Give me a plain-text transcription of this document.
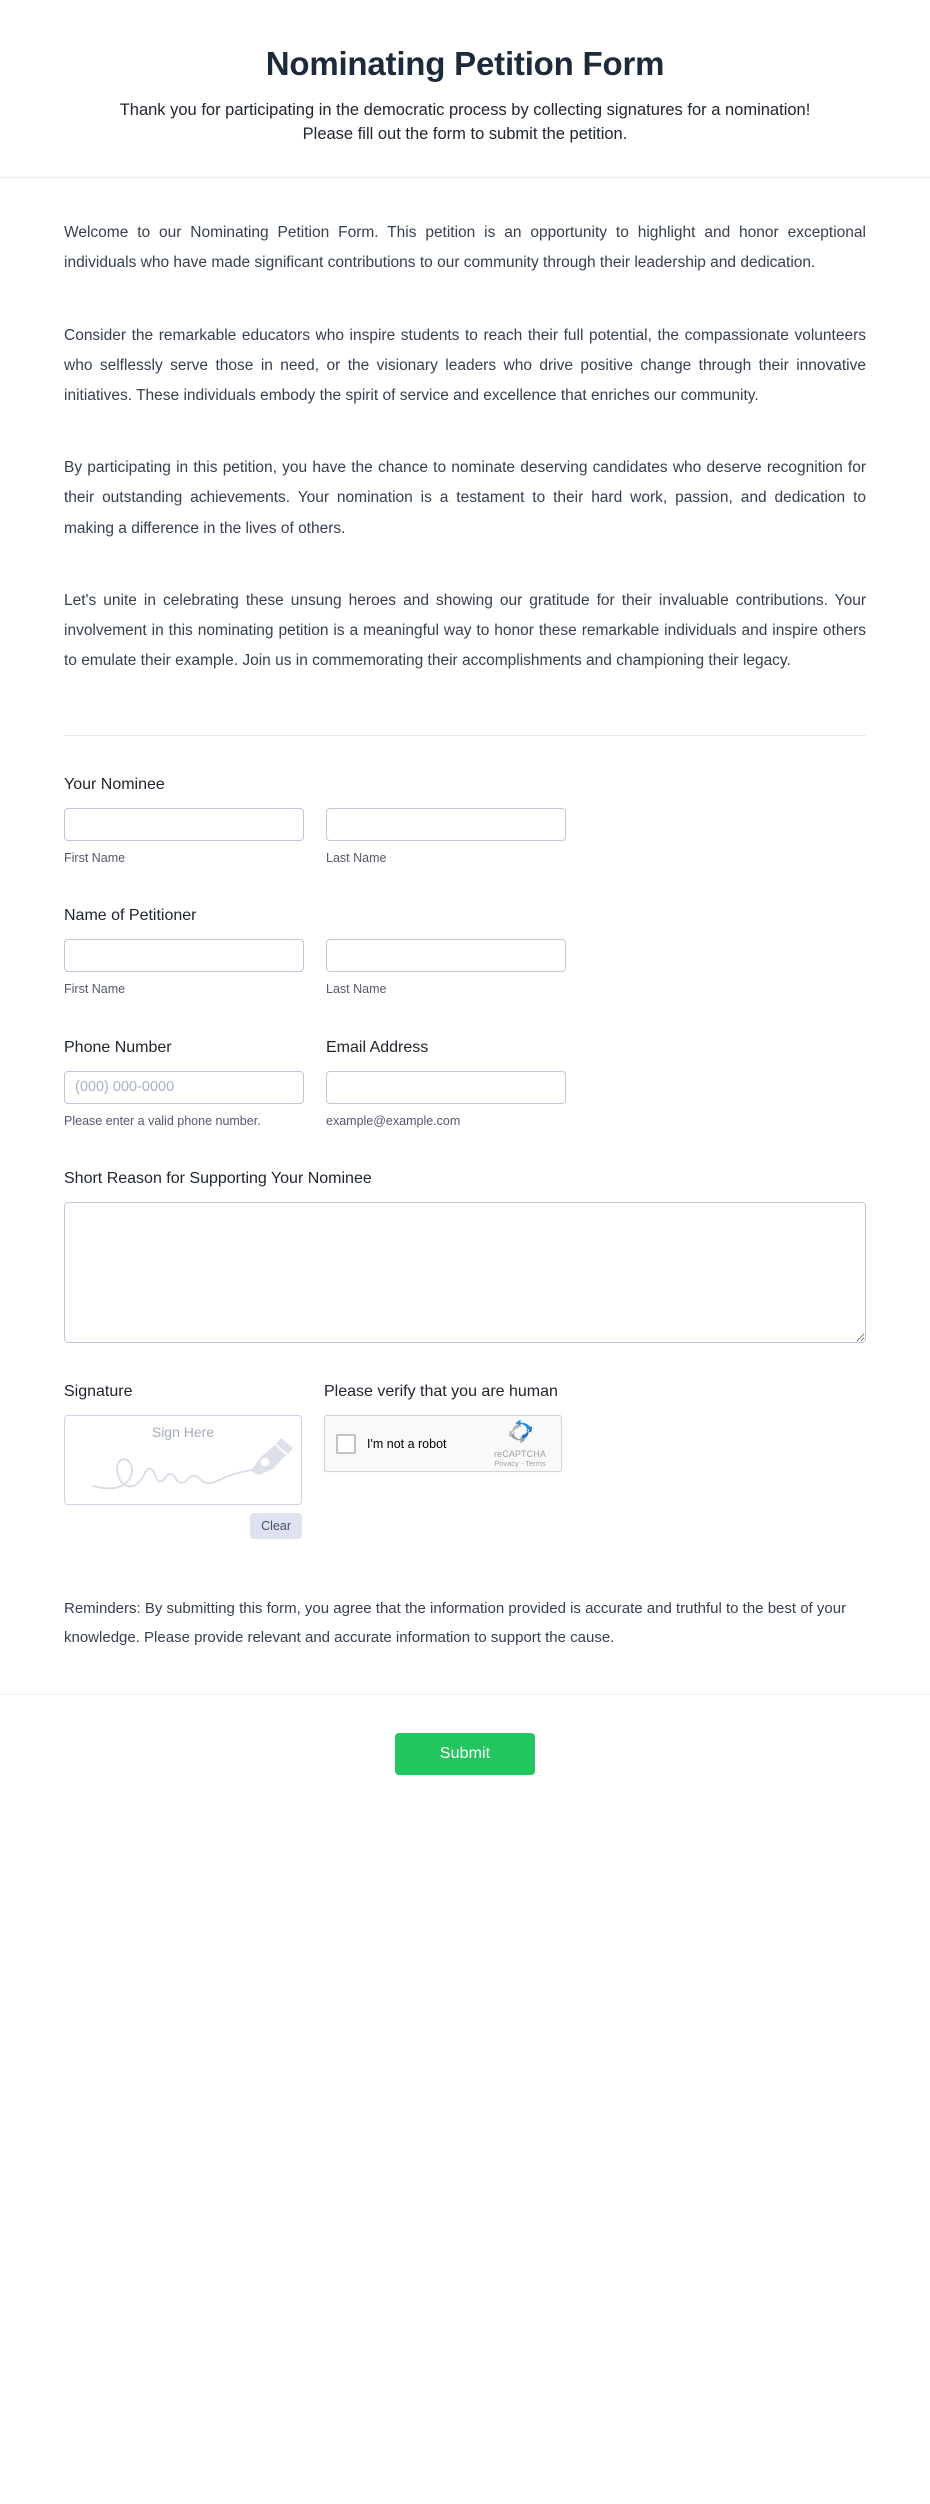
Nominating Petition Form

Thank you for participating in the democratic process by collecting signatures for a nomination! Please fill out the form to submit the petition.

Welcome to our Nominating Petition Form. This petition is an opportunity to highlight and honor exceptional individuals who have made significant contributions to our community through their leadership and dedication.

Consider the remarkable educators who inspire students to reach their full potential, the compassionate volunteers who selflessly serve those in need, or the visionary leaders who drive positive change through their innovative initiatives. These individuals embody the spirit of service and excellence that enriches our community.

By participating in this petition, you have the chance to nominate deserving candidates who deserve recognition for their outstanding achievements. Your nomination is a testament to their hard work, passion, and dedication to making a difference in the lives of others.

Let's unite in celebrating these unsung heroes and showing our gratitude for their invaluable contributions. Your involvement in this nominating petition is a meaningful way to honor these remarkable individuals and inspire others to emulate their example. Join us in commemorating their accomplishments and championing their legacy.

Your Nominee
First Name	Last Name
Name of Petitioner
First Name	Last Name
Phone Number
(000) 000-0000
Please enter a valid phone number.
Email Address
example@example.com
Short Reason for Supporting Your Nominee
Signature
Sign Here
Clear
Please verify that you are human
I'm not a robot
reCAPTCHA
Privacy - Terms
Reminders: By submitting this form, you agree that the information provided is accurate and truthful to the best of your knowledge. Please provide relevant and accurate information to support the cause.
Submit
